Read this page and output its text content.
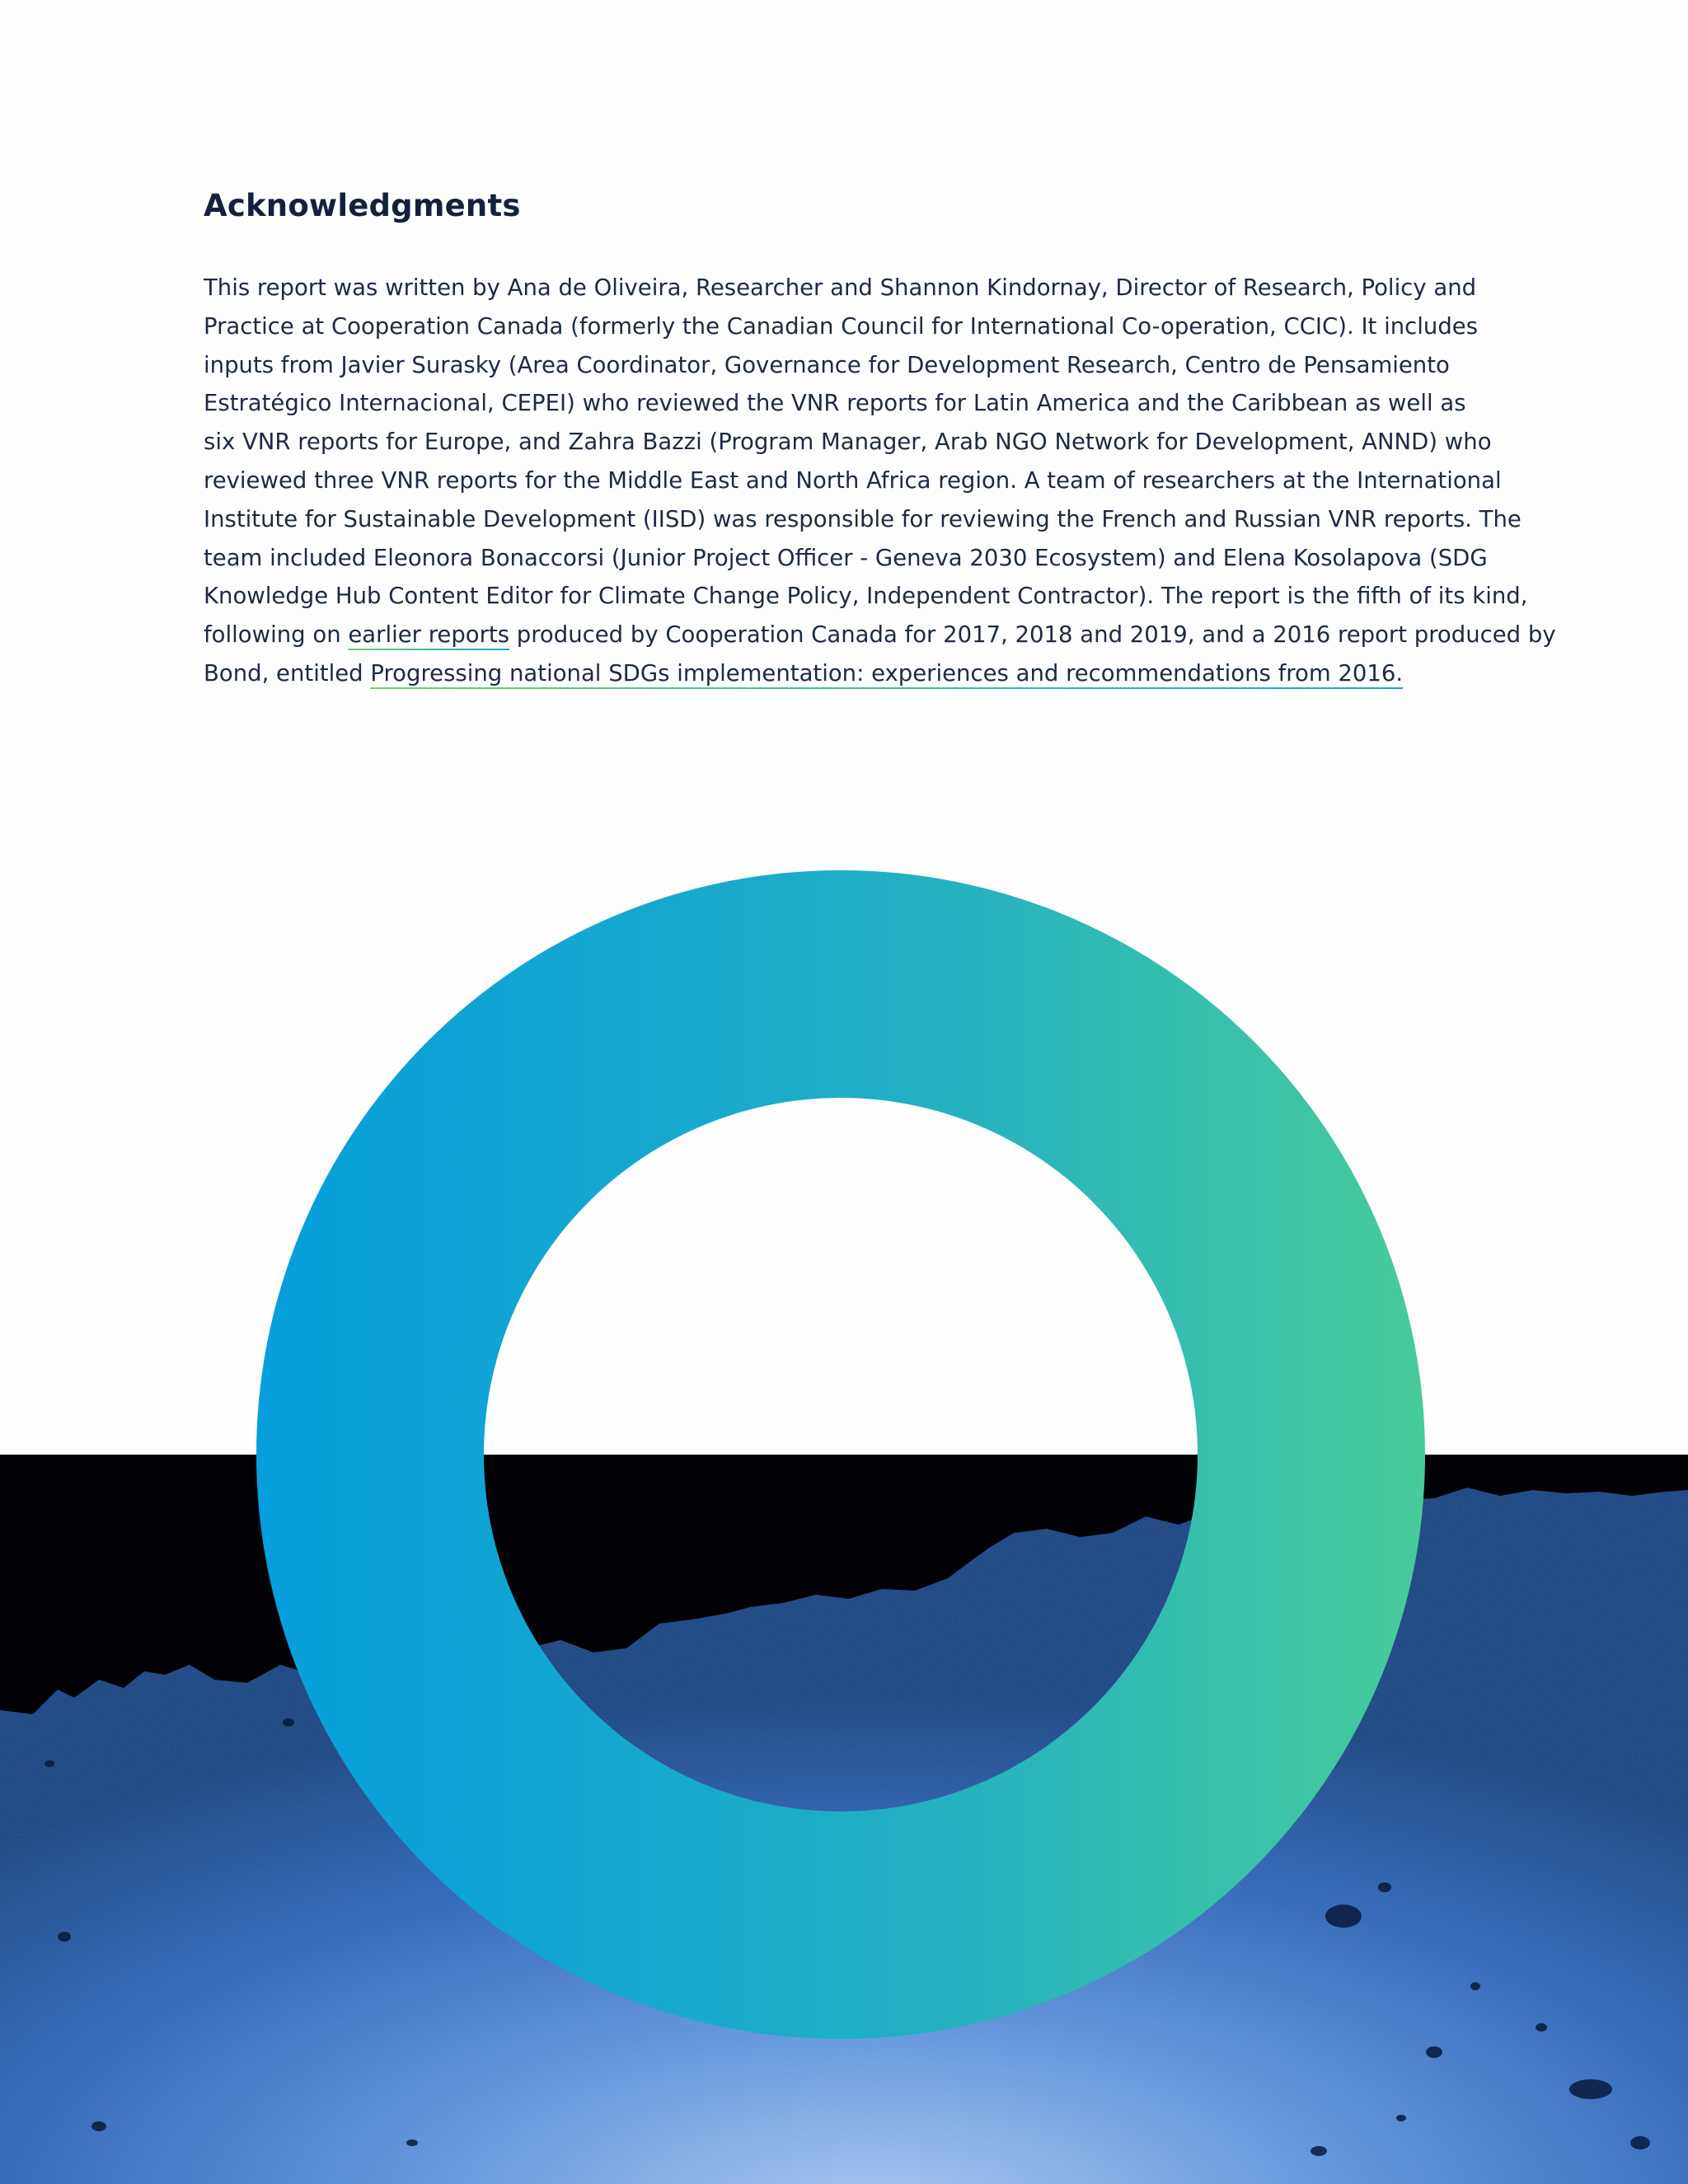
Acknowledgments

This report was written by Ana de Oliveira, Researcher and Shannon Kindornay, Director of Research, Policy and
Practice at Cooperation Canada (formerly the Canadian Council for International Co-operation, CCIC). It includes
inputs from Javier Surasky (Area Coordinator, Governance for Development Research, Centro de Pensamiento
Estratégico Internacional, CEPEI) who reviewed the VNR reports for Latin America and the Caribbean as well as
six VNR reports for Europe, and Zahra Bazzi (Program Manager, Arab NGO Network for Development, ANND) who
reviewed three VNR reports for the Middle East and North Africa region. A team of researchers at the International
Institute for Sustainable Development (IISD) was responsible for reviewing the French and Russian VNR reports. The
team included Eleonora Bonaccorsi (Junior Project Officer - Geneva 2030 Ecosystem) and Elena Kosolapova (SDG
Knowledge Hub Content Editor for Climate Change Policy, Independent Contractor). The report is the fifth of its kind,
following on earlier reports produced by Cooperation Canada for 2017, 2018 and 2019, and a 2016 report produced by
Bond, entitled Progressing national SDGs implementation: experiences and recommendations from 2016.
